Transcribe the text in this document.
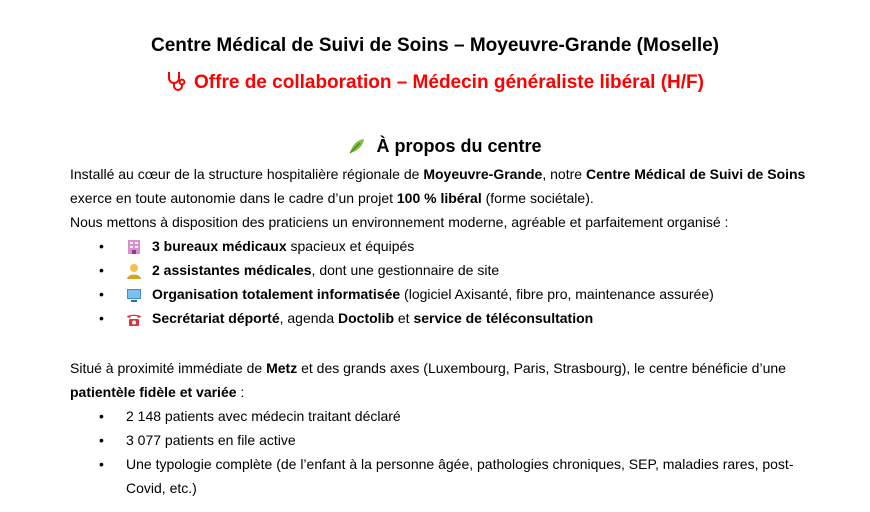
Centre Médical de Suivi de Soins – Moyeuvre-Grande (Moselle)
Offre de collaboration – Médecin généraliste libéral (H/F)
À propos du centre
Installé au cœur de la structure hospitalière régionale de Moyeuvre-Grande, notre Centre Médical de Suivi de Soins exerce en toute autonomie dans le cadre d’un projet 100 % libéral (forme sociétale).
Nous mettons à disposition des praticiens un environnement moderne, agréable et parfaitement organisé :
•	3 bureaux médicaux spacieux et équipés
•	2 assistantes médicales, dont une gestionnaire de site
•	Organisation totalement informatisée (logiciel Axisanté, fibre pro, maintenance assurée)
•	Secrétariat déporté, agenda Doctolib et service de téléconsultation
Situé à proximité immédiate de Metz et des grands axes (Luxembourg, Paris, Strasbourg), le centre bénéficie d’une patientèle fidèle et variée :
• 2 148 patients avec médecin traitant déclaré
• 3 077 patients en file active
• Une typologie complète (de l’enfant à la personne âgée, pathologies chroniques, SEP, maladies rares, post-Covid, etc.)
